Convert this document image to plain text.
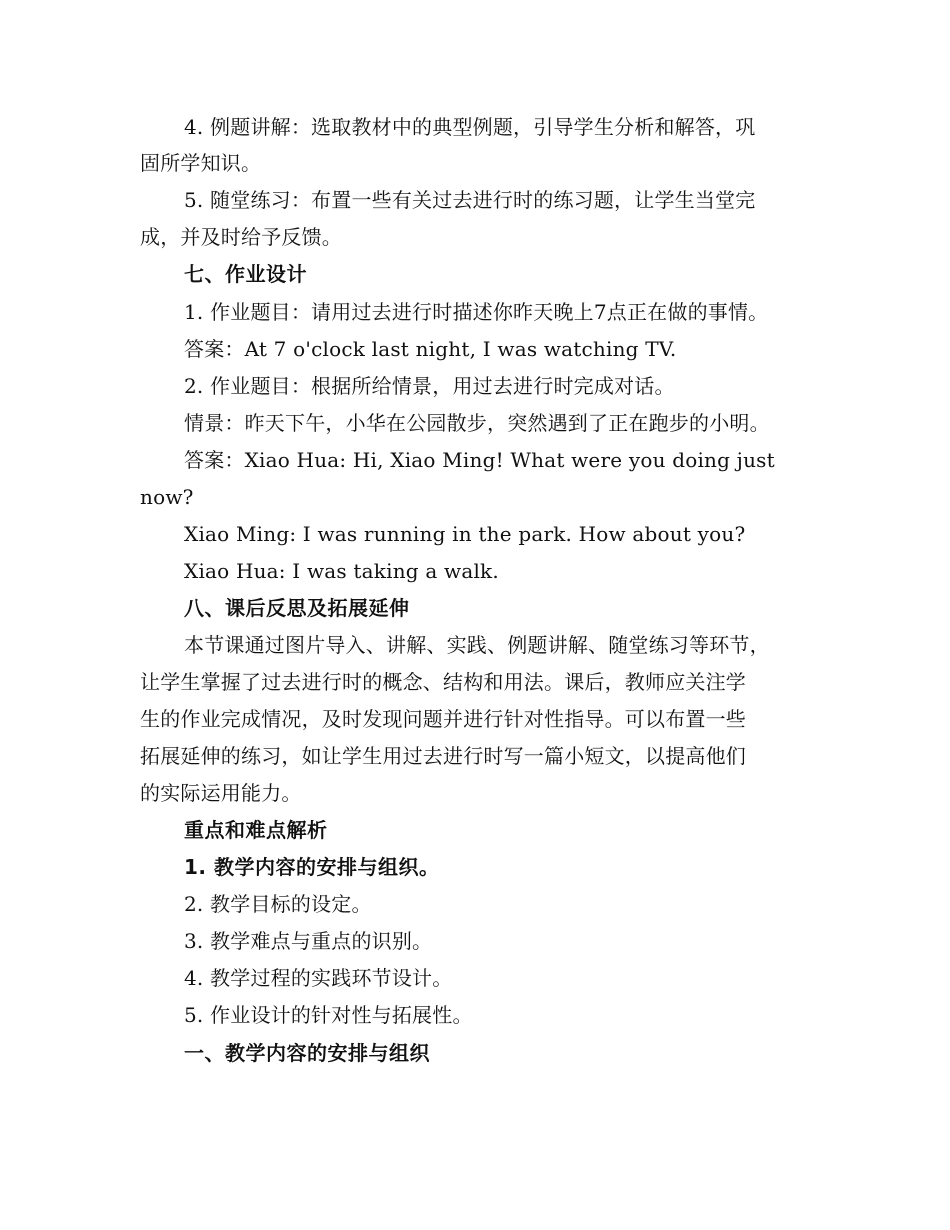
4. 例题讲解：选取教材中的典型例题，引导学生分析和解答，巩
固所学知识。
5. 随堂练习：布置一些有关过去进行时的练习题，让学生当堂完
成，并及时给予反馈。
七、作业设计
1. 作业题目：请用过去进行时描述你昨天晚上7点正在做的事情。
答案：At 7 o'clock last night, I was watching TV.
2. 作业题目：根据所给情景，用过去进行时完成对话。
情景：昨天下午，小华在公园散步，突然遇到了正在跑步的小明。
答案：Xiao Hua: Hi, Xiao Ming! What were you doing just
now?
Xiao Ming: I was running in the park. How about you?
Xiao Hua: I was taking a walk.
八、课后反思及拓展延伸
本节课通过图片导入、讲解、实践、例题讲解、随堂练习等环节，
让学生掌握了过去进行时的概念、结构和用法。课后，教师应关注学
生的作业完成情况，及时发现问题并进行针对性指导。可以布置一些
拓展延伸的练习，如让学生用过去进行时写一篇小短文，以提高他们
的实际运用能力。
重点和难点解析
1. 教学内容的安排与组织。
2. 教学目标的设定。
3. 教学难点与重点的识别。
4. 教学过程的实践环节设计。
5. 作业设计的针对性与拓展性。
一、教学内容的安排与组织
